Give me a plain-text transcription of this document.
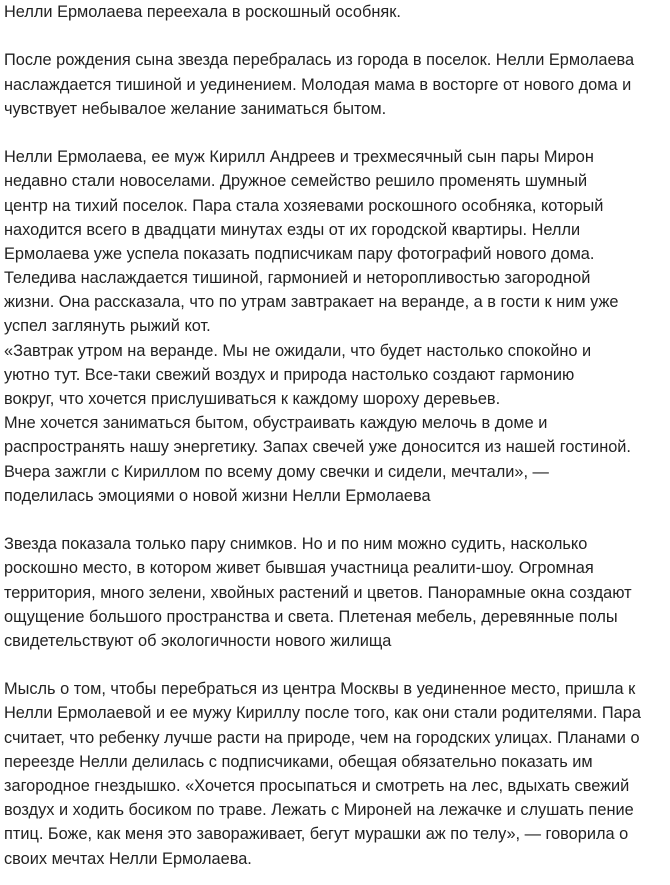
Нелли Ермолаева переехала в роскошный особняк.

После рождения сына звезда перебралась из города в поселок. Нелли Ермолаева
наслаждается тишиной и уединением. Молодая мама в восторге от нового дома и
чувствует небывалое желание заниматься бытом.
Нелли Ермолаева, ее муж Кирилл Андреев и трехмесячный сын пары Мирон
недавно стали новоселами. Дружное семейство решило променять шумный
центр на тихий поселок. Пара стала хозяевами роскошного особняка, который
находится всего в двадцати минутах езды от их городской квартиры. Нелли
Ермолаева уже успела показать подписчикам пару фотографий нового дома.
Теледива наслаждается тишиной, гармонией и неторопливостью загородной
жизни. Она рассказала, что по утрам завтракает на веранде, а в гости к ним уже
успел заглянуть рыжий кот.
«Завтрак утром на веранде. Мы не ожидали, что будет настолько спокойно и
уютно тут. Все-таки свежий воздух и природа настолько создают гармонию
вокруг, что хочется прислушиваться к каждому шороху деревьев.
Мне хочется заниматься бытом, обустраивать каждую мелочь в доме и
распространять нашу энергетику. Запах свечей уже доносится из нашей гостиной.
Вчера зажгли с Кириллом по всему дому свечки и сидели, мечтали», —
поделилась эмоциями о новой жизни Нелли Ермолаева
Звезда показала только пару снимков. Но и по ним можно судить, насколько
роскошно место, в котором живет бывшая участница реалити-шоу. Огромная
территория, много зелени, хвойных растений и цветов. Панорамные окна создают
ощущение большого пространства и света. Плетеная мебель, деревянные полы
свидетельствуют об экологичности нового жилища
Мысль о том, чтобы перебраться из центра Москвы в уединенное место, пришла к
Нелли Ермолаевой и ее мужу Кириллу после того, как они стали родителями. Пара
считает, что ребенку лучше расти на природе, чем на городских улицах. Планами о
переезде Нелли делилась с подписчиками, обещая обязательно показать им
загородное гнездышко. «Хочется просыпаться и смотреть на лес, вдыхать свежий
воздух и ходить босиком по траве. Лежать с Мироней на лежачке и слушать пение
птиц. Боже, как меня это завораживает, бегут мурашки аж по телу», — говорила о
своих мечтах Нелли Ермолаева.
